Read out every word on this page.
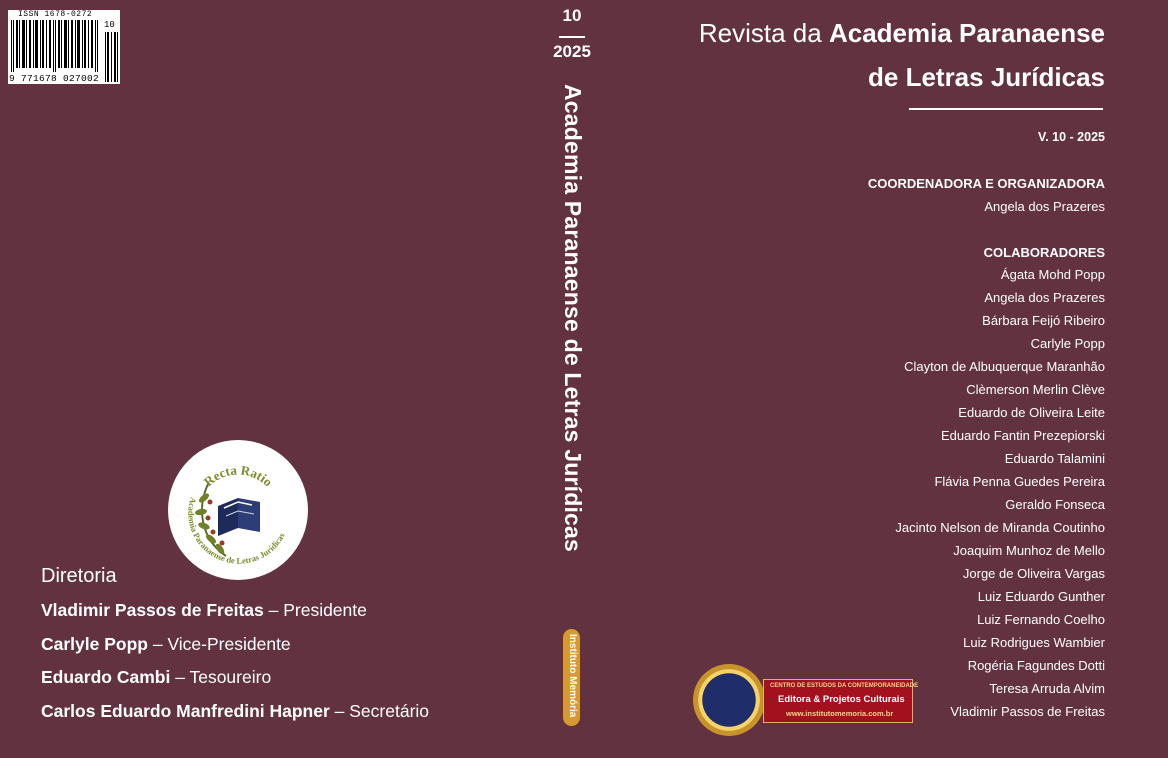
ISSN 1678-0272
9 771678 027002
10
Recta Ratio
Academia Paranaense de Letras Jurídicas
Diretoria
Vladimir Passos de Freitas – Presidente
Carlyle Popp – Vice-Presidente
Eduardo Cambi – Tesoureiro
Carlos Eduardo Manfredini Hapner – Secretário
10
2025
Academia Paranaense de Letras Jurídicas
Instituto Memória
Revista da Academia Paranaense
de Letras Jurídicas
V. 10 - 2025
COORDENADORA E ORGANIZADORA
Angela dos Prazeres
COLABORADORES
Ágata Mohd Popp
Angela dos Prazeres
Bárbara Feijó Ribeiro
Carlyle Popp
Clayton de Albuquerque Maranhão
Clèmerson Merlin Clève
Eduardo de Oliveira Leite
Eduardo Fantin Prezepiorski
Eduardo Talamini
Flávia Penna Guedes Pereira
Geraldo Fonseca
Jacinto Nelson de Miranda Coutinho
Joaquim Munhoz de Mello
Jorge de Oliveira Vargas
Luiz Eduardo Gunther
Luiz Fernando Coelho
Luiz Rodrigues Wambier
Rogéria Fagundes Dotti
Teresa Arruda Alvim
Vladimir Passos de Freitas
CENTRO DE ESTUDOS DA CONTEMPORANEIDADE
Editora & Projetos Culturais
www.institutomemoria.com.br
